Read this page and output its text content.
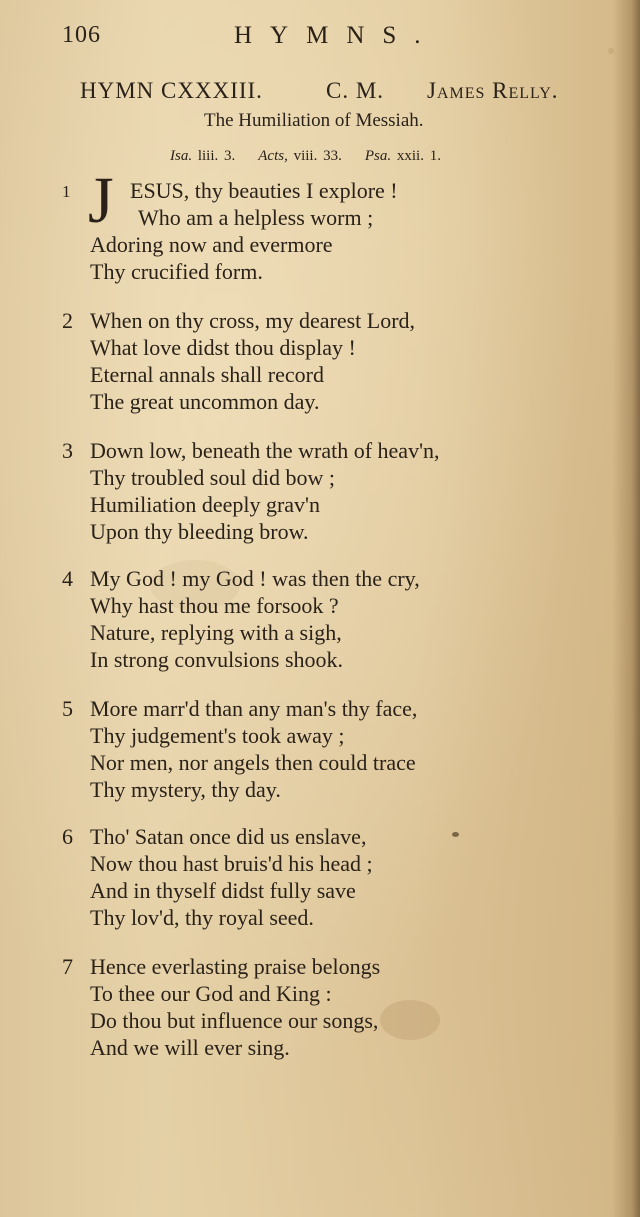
106	HYMNS.
HYMN CXXXIII.	C. M. James Relly.
The Humiliation of Messiah.
Isa. liii. 3. Acts, viii. 33. Psa. xxii. 1.
1 J ESUS, thy beauties I explore !
Who am a helpless worm ;
Adoring now and evermore
Thy crucified form.
2 When on thy cross, my dearest Lord,
What love didst thou display !
Eternal annals shall record
The great uncommon day.
3 Down low, beneath the wrath of heav'n,
Thy troubled soul did bow ;
Humiliation deeply grav'n
Upon thy bleeding brow.
4 My God ! my God ! was then the cry,
Why hast thou me forsook ?
Nature, replying with a sigh,
In strong convulsions shook.
5 More marr'd than any man's thy face,
Thy judgement's took away ;
Nor men, nor angels then could trace
Thy mystery, thy day.
6 Tho' Satan once did us enslave,
Now thou hast bruis'd his head ;
And in thyself didst fully save
Thy lov'd, thy royal seed.
7 Hence everlasting praise belongs
To thee our God and King :
Do thou but influence our songs,
And we will ever sing.
